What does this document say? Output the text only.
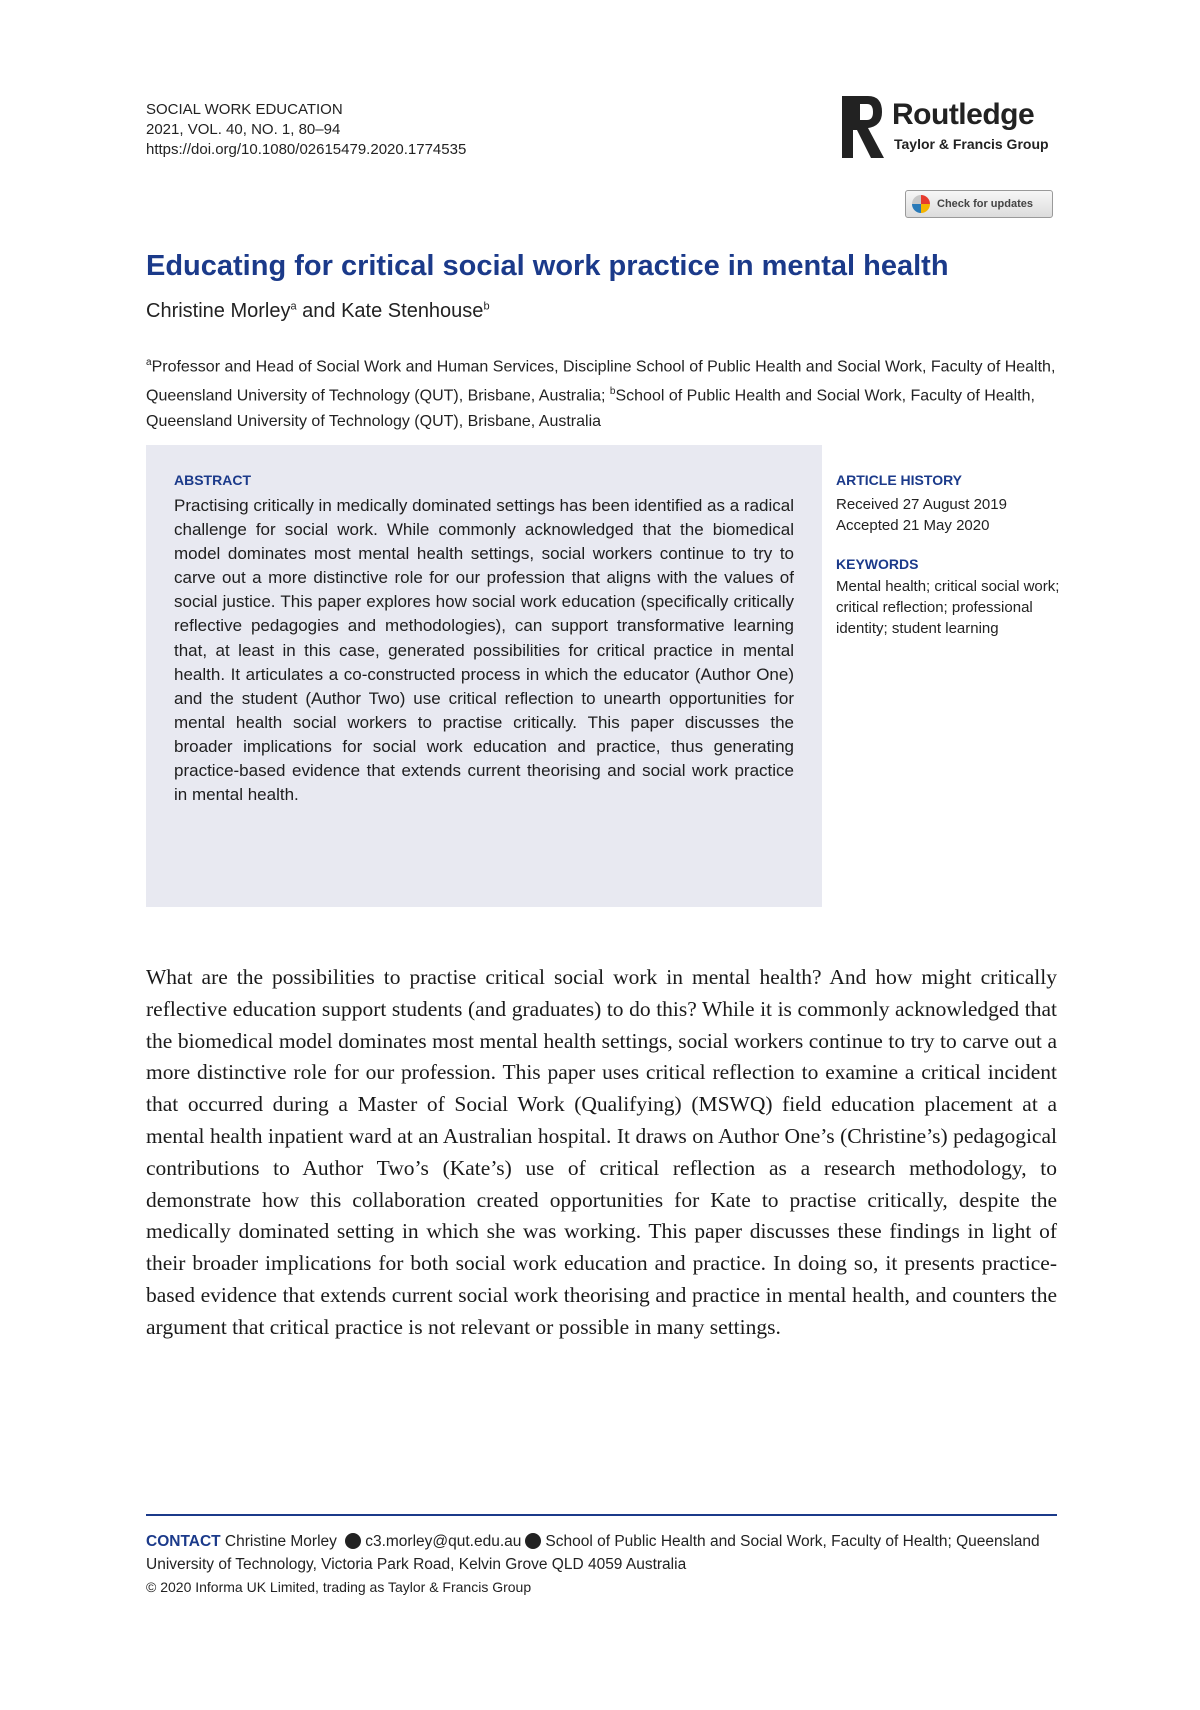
SOCIAL WORK EDUCATION
2021, VOL. 40, NO. 1, 80–94
https://doi.org/10.1080/02615479.2020.1774535
Routledge
Taylor & Francis Group
Check for updates
Educating for critical social work practice in mental health
Christine Morley$^a$ and Kate Stenhouse$^b$
$^a$Professor and Head of Social Work and Human Services, Discipline School of Public Health and Social Work, Faculty of Health, Queensland University of Technology (QUT), Brisbane, Australia; $^b$School of Public Health and Social Work, Faculty of Health, Queensland University of Technology (QUT), Brisbane, Australia
ABSTRACT
Practising critically in medically dominated settings has been identified as a radical challenge for social work. While commonly acknowledged that the biomedical model dominates most mental health settings, social workers continue to try to carve out a more distinctive role for our profession that aligns with the values of social justice. This paper explores how social work education (specifically critically reflective pedagogies and methodologies), can support transformative learning that, at least in this case, generated possibilities for critical practice in mental health. It articulates a co-constructed process in which the educator (Author One) and the student (Author Two) use critical reflection to unearth opportunities for mental health social workers to practise critically. This paper discusses the broader implications for social work education and practice, thus generating practice-based evidence that extends current theorising and social work practice in mental health.
ARTICLE HISTORY
Received 27 August 2019
Accepted 21 May 2020
KEYWORDS
Mental health; critical social work; critical reflection; professional identity; student learning
What are the possibilities to practise critical social work in mental health? And how might critically reflective education support students (and graduates) to do this? While it is commonly acknowledged that the biomedical model dominates most mental health settings, social workers continue to try to carve out a more distinctive role for our profession. This paper uses critical reflection to examine a critical incident that occurred during a Master of Social Work (Qualifying) (MSWQ) field education placement at a mental health inpatient ward at an Australian hospital. It draws on Author One’s (Christine’s) pedagogical contributions to Author Two’s (Kate’s) use of critical reflection as a research methodology, to demonstrate how this collaboration created opportunities for Kate to practise critically, despite the medically dominated setting in which she was working. This paper discusses these findings in light of their broader implications for both social work education and practice. In doing so, it presents practice-based evidence that extends current social work theorising and practice in mental health, and counters the argument that critical practice is not relevant or possible in many settings.
CONTACT Christine Morley c3.morley@qut.edu.au School of Public Health and Social Work, Faculty of Health; Queensland University of Technology, Victoria Park Road, Kelvin Grove QLD 4059 Australia
© 2020 Informa UK Limited, trading as Taylor & Francis Group
